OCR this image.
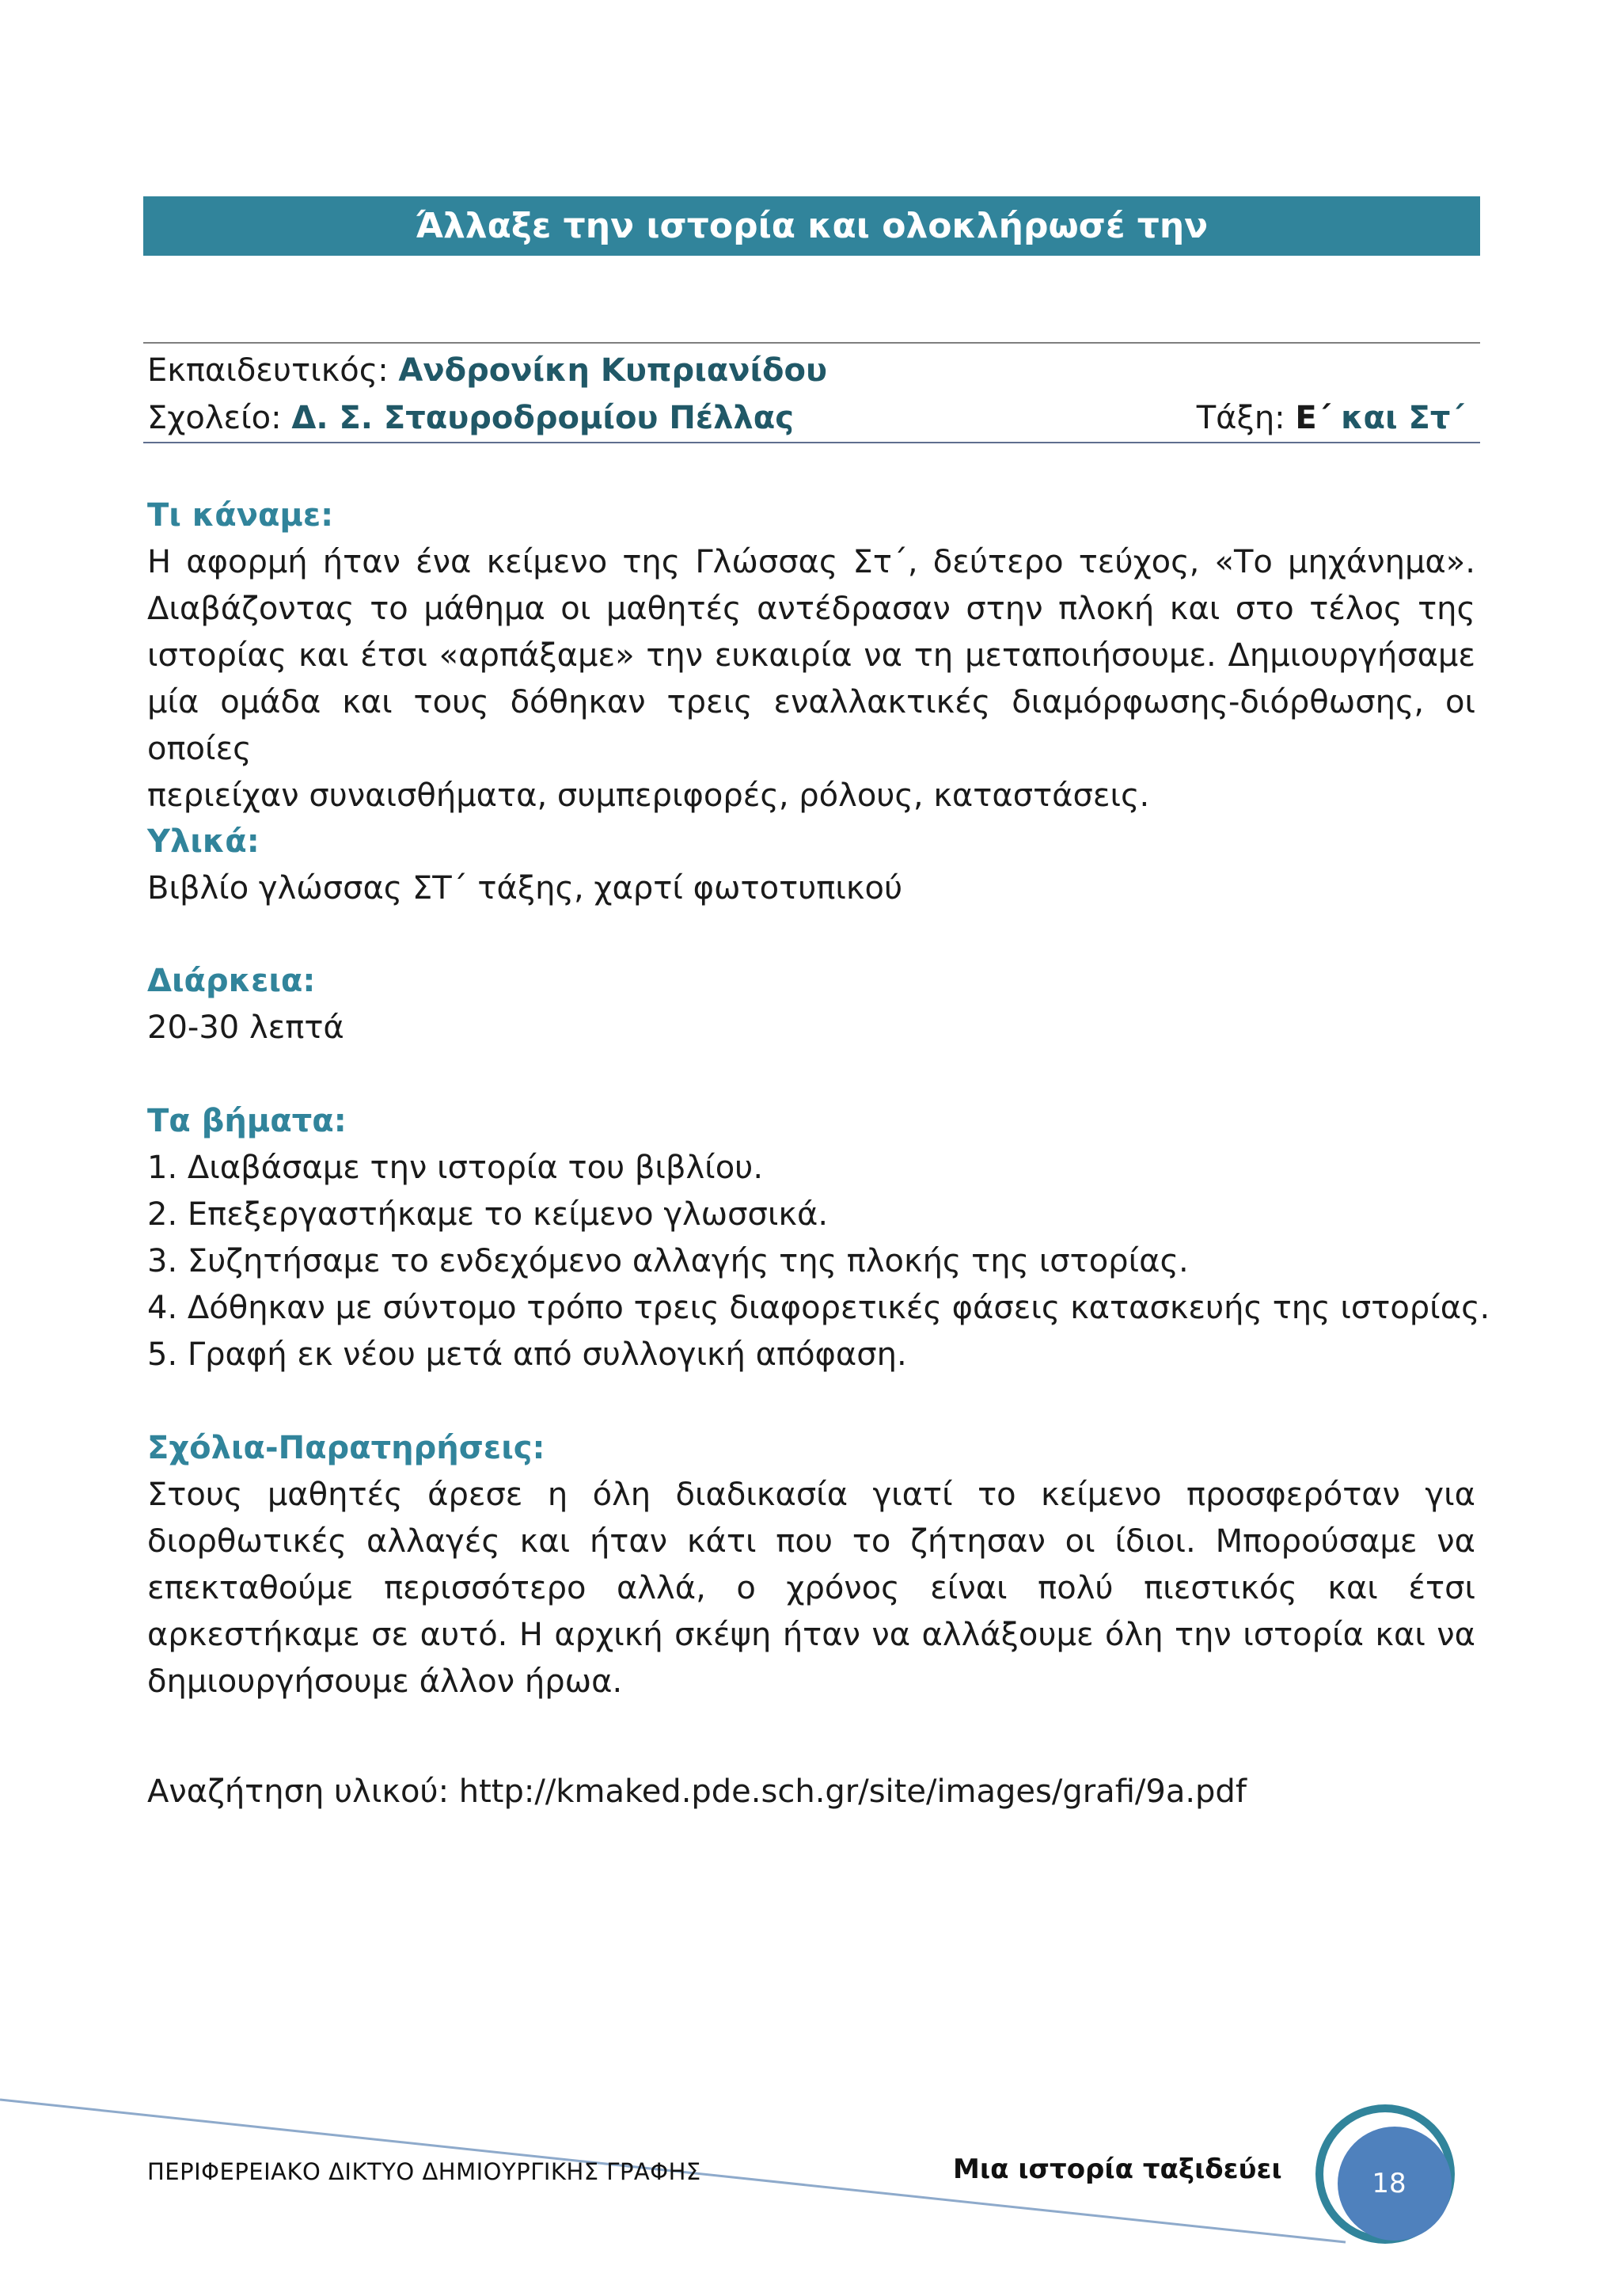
Άλλαξε την ιστορία και ολοκλήρωσέ την
Εκπαιδευτικός: Ανδρονίκη Κυπριανίδου
Σχολείο: Δ. Σ. Σταυροδρομίου Πέλλας	Τάξη: Ε΄ και Στ΄
Τι κάναμε:
Η αφορμή ήταν ένα κείμενο της Γλώσσας Στ΄, δεύτερο τεύχος, «Το μηχάνημα».
Διαβάζοντας το μάθημα οι μαθητές αντέδρασαν στην πλοκή και στο τέλος της
ιστορίας και έτσι «αρπάξαμε» την ευκαιρία να τη μεταποιήσουμε. Δημιουργήσαμε
μία ομάδα και τους δόθηκαν τρεις εναλλακτικές διαμόρφωσης-διόρθωσης, οι οποίες
περιείχαν συναισθήματα, συμπεριφορές, ρόλους, καταστάσεις.
Υλικά:
Βιβλίο γλώσσας ΣΤ΄ τάξης, χαρτί φωτοτυπικού
Διάρκεια:
20-30 λεπτά
Τα βήματα:
1. Διαβάσαμε την ιστορία του βιβλίου.
2. Επεξεργαστήκαμε το κείμενο γλωσσικά.
3. Συζητήσαμε το ενδεχόμενο αλλαγής της πλοκής της ιστορίας.
4. Δόθηκαν με σύντομο τρόπο τρεις διαφορετικές φάσεις κατασκευής της ιστορίας.
5. Γραφή εκ νέου μετά από συλλογική απόφαση.
Σχόλια-Παρατηρήσεις:
Στους μαθητές άρεσε η όλη διαδικασία γιατί το κείμενο προσφερόταν για
διορθωτικές αλλαγές και ήταν κάτι που το ζήτησαν οι ίδιοι. Μπορούσαμε να
επεκταθούμε περισσότερο αλλά, ο χρόνος είναι πολύ πιεστικός και έτσι
αρκεστήκαμε σε αυτό. Η αρχική σκέψη ήταν να αλλάξουμε όλη την ιστορία και να
δημιουργήσουμε άλλον ήρωα.
Αναζήτηση υλικού: http://kmaked.pde.sch.gr/site/images/grafi/9a.pdf
ΠΕΡΙΦΕΡΕΙΑΚΟ ΔΙΚΤΥΟ ΔΗΜΙΟΥΡΓΙΚΗΣ ΓΡΑΦΗΣ	Μια ιστορία ταξιδεύει	18
